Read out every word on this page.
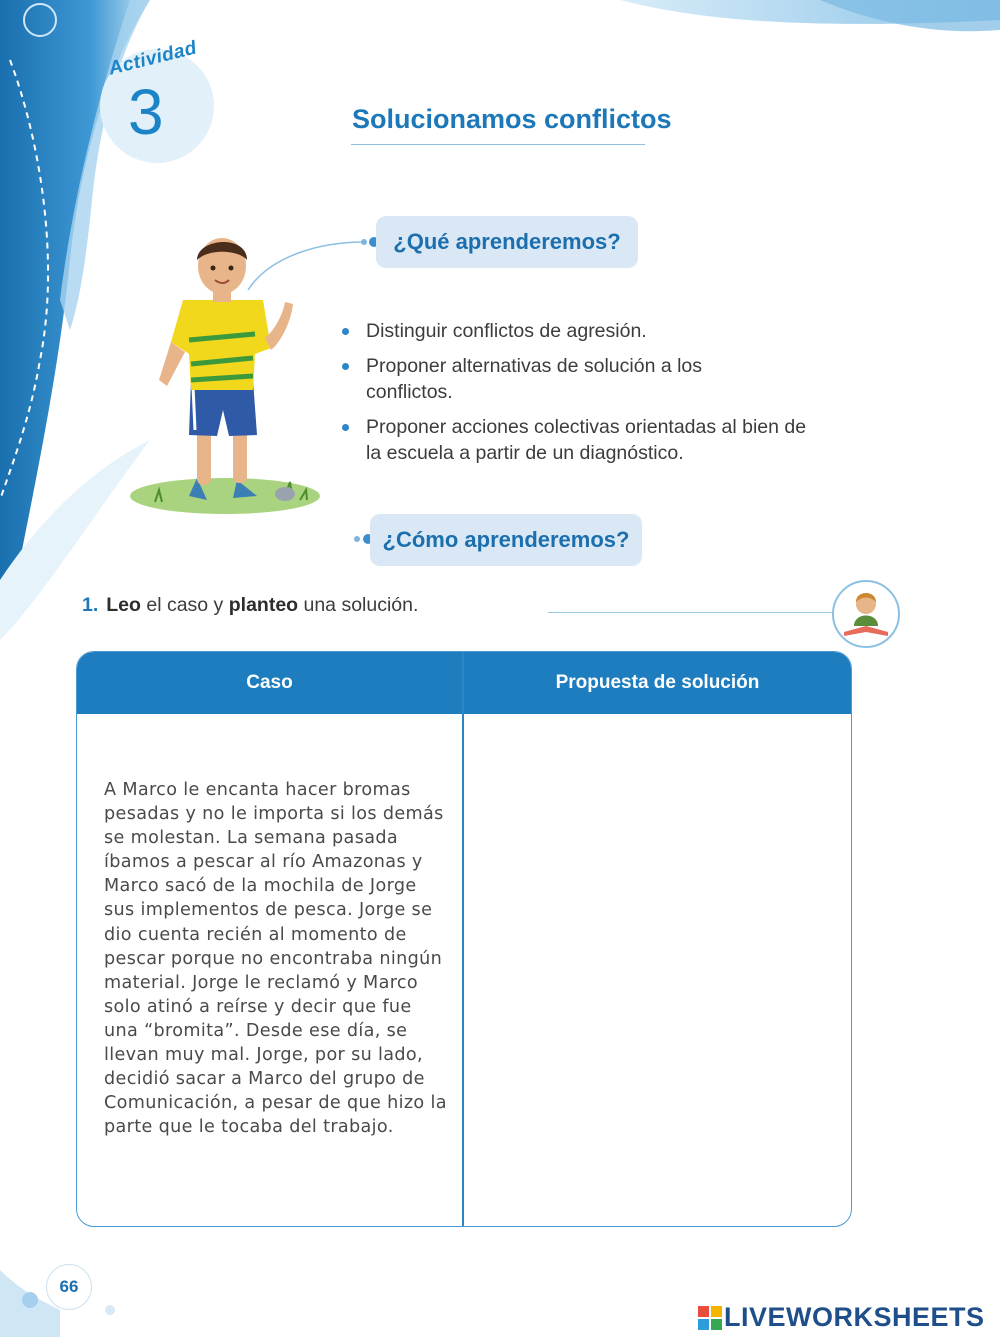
Actividad
3	Solucionamos conflictos
¿Qué aprenderemos?
Distinguir conflictos de agresión.
Proponer alternativas de solución a los conflictos.
Proponer acciones colectivas orientadas al bien de la escuela a partir de un diagnóstico.
¿Cómo aprenderemos?
1. Leo el caso y planteo una solución.
Caso	Propuesta de solución
A Marco le encanta hacer bromas pesadas y no le importa si los demás se molestan. La semana pasada íbamos a pescar al río Amazonas y Marco sacó de la mochila de Jorge sus implementos de pesca. Jorge se dio cuenta recién al momento de pescar porque no encontraba ningún material. Jorge le reclamó y Marco solo atinó a reírse y decir que fue una “bromita”. Desde ese día, se llevan muy mal. Jorge, por su lado, decidió sacar a Marco del grupo de Comunicación, a pesar de que hizo la parte que le tocaba del trabajo.
66
LIVEWORKSHEETS
